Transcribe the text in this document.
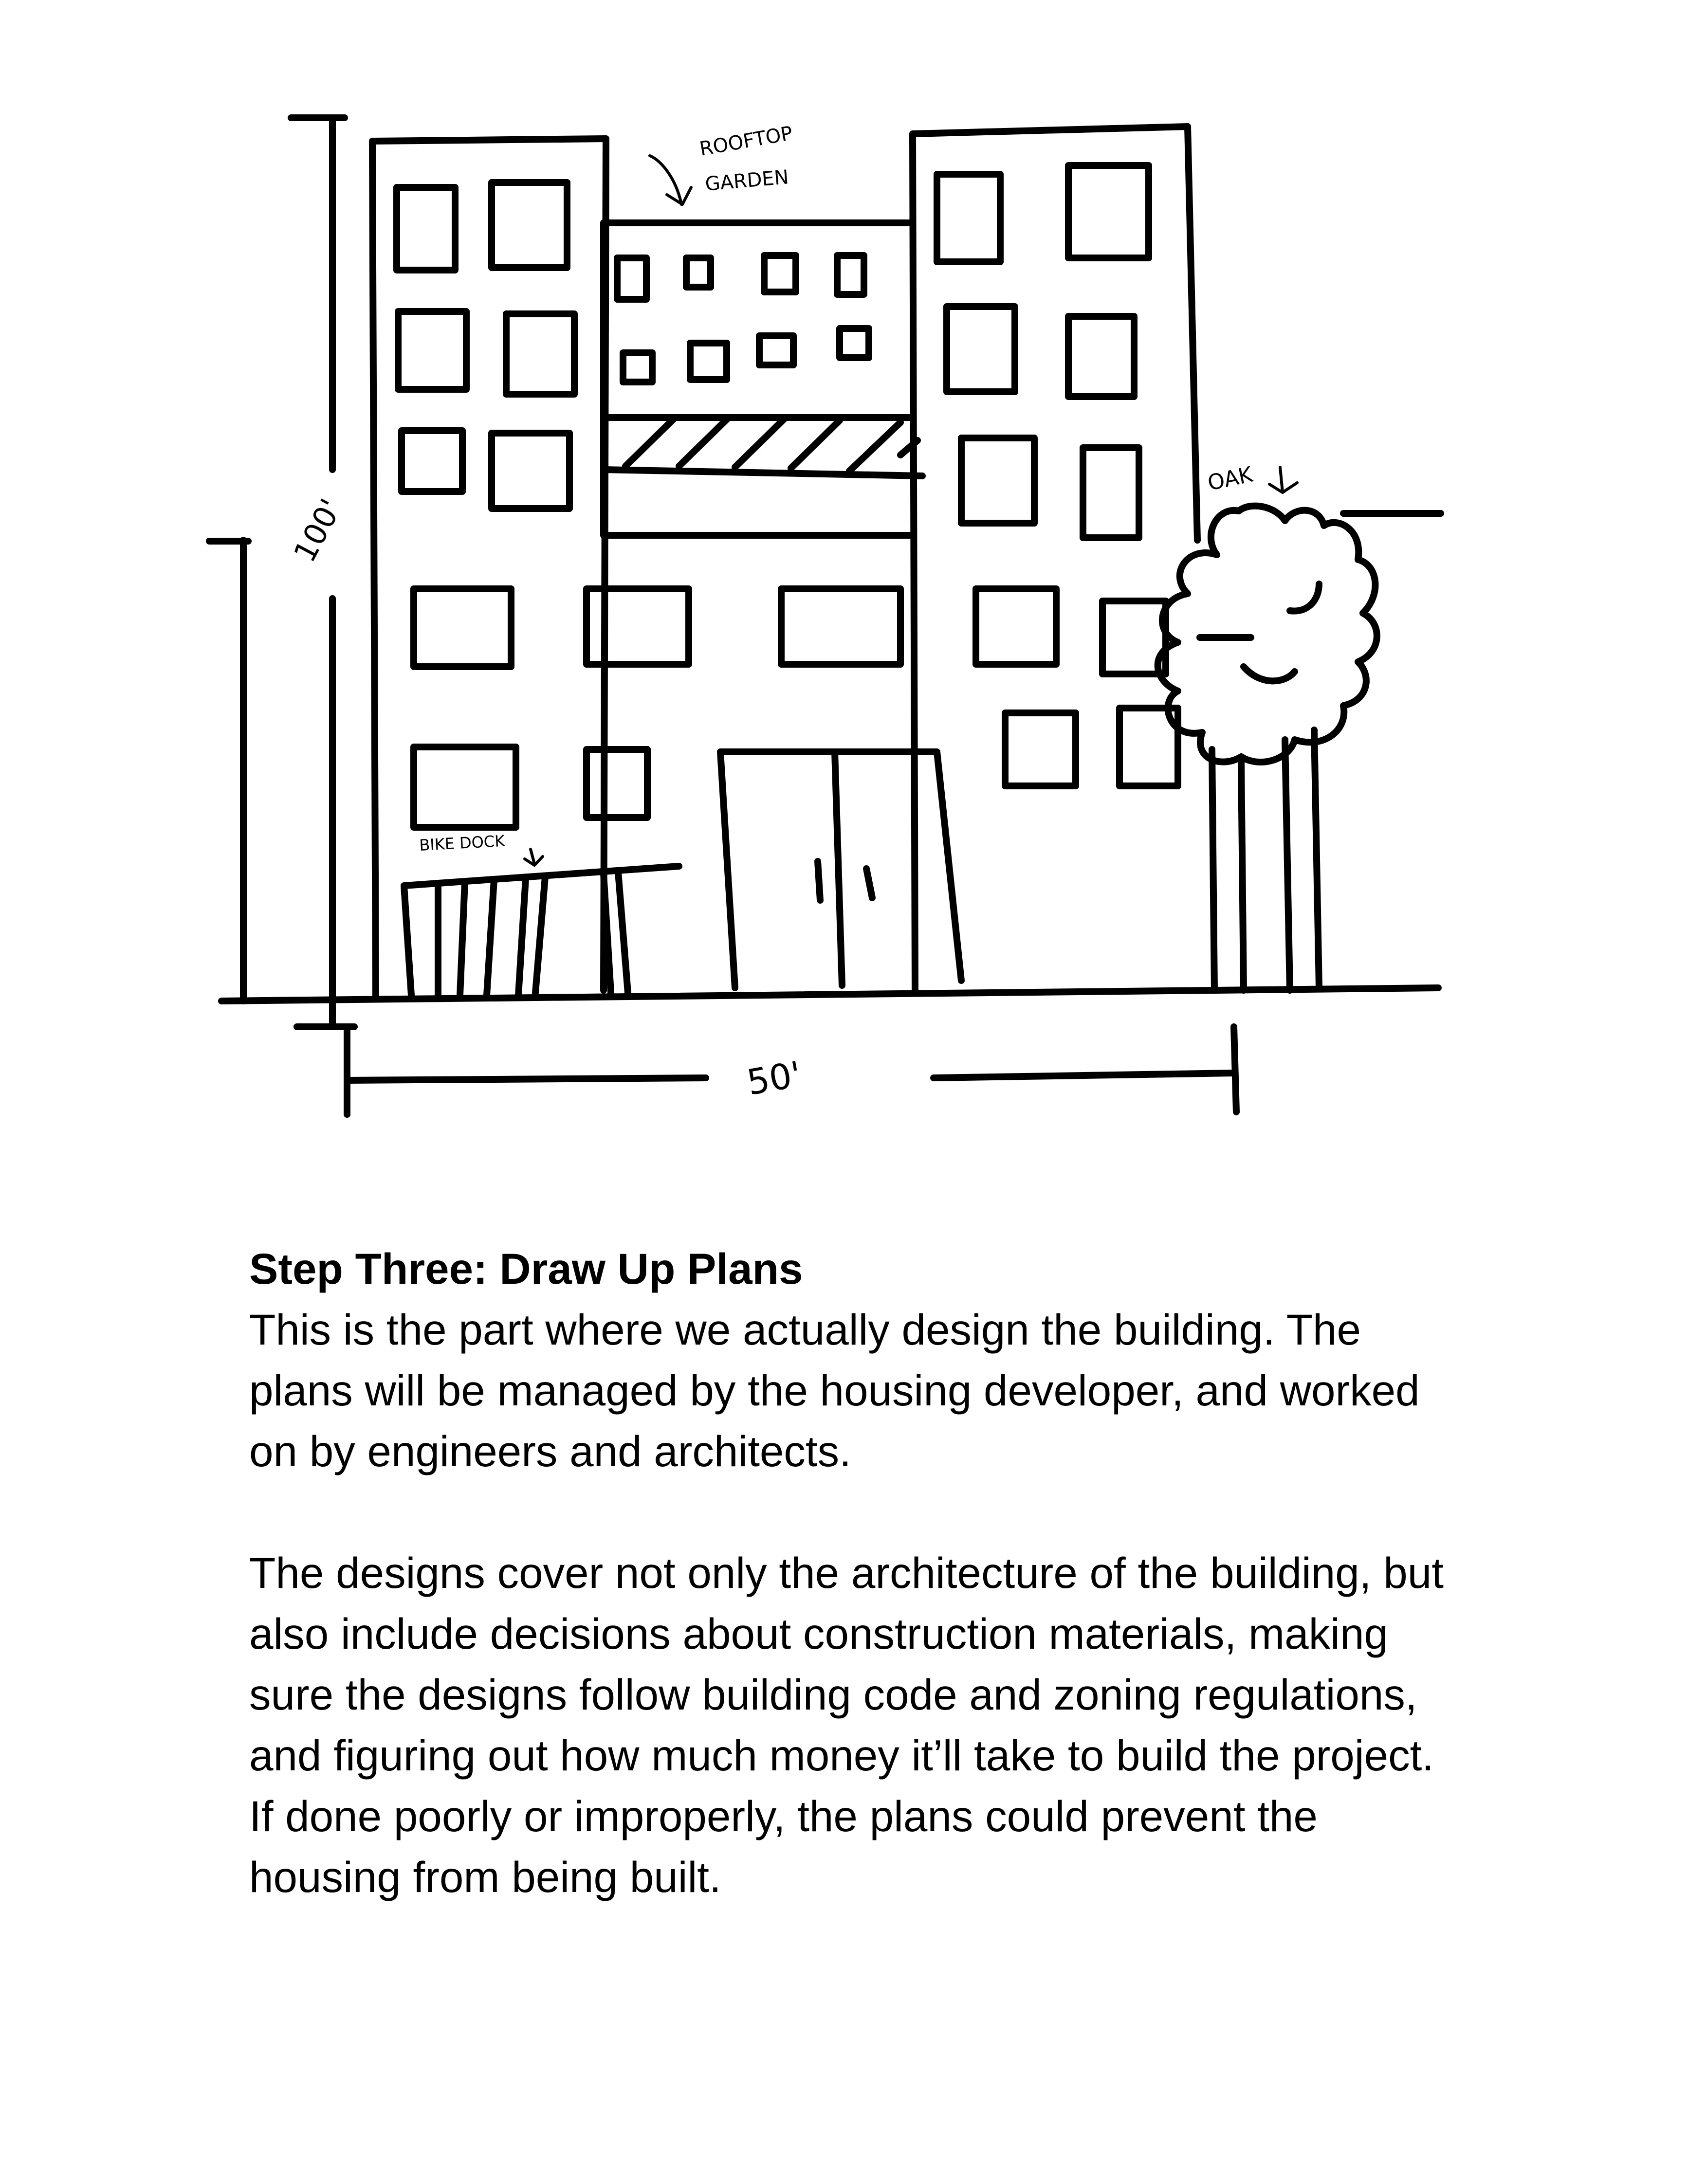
ROOFTOP
GARDEN
OAK
BIKE DOCK
100'
50'

Step Three: Draw Up Plans

This is the part where we actually design the building. The plans will be managed by the housing developer, and worked on by engineers and architects.

The designs cover not only the architecture of the building, but also include decisions about construction materials, making sure the designs follow building code and zoning regulations, and figuring out how much money it’ll take to build the project. If done poorly or improperly, the plans could prevent the housing from being built.
